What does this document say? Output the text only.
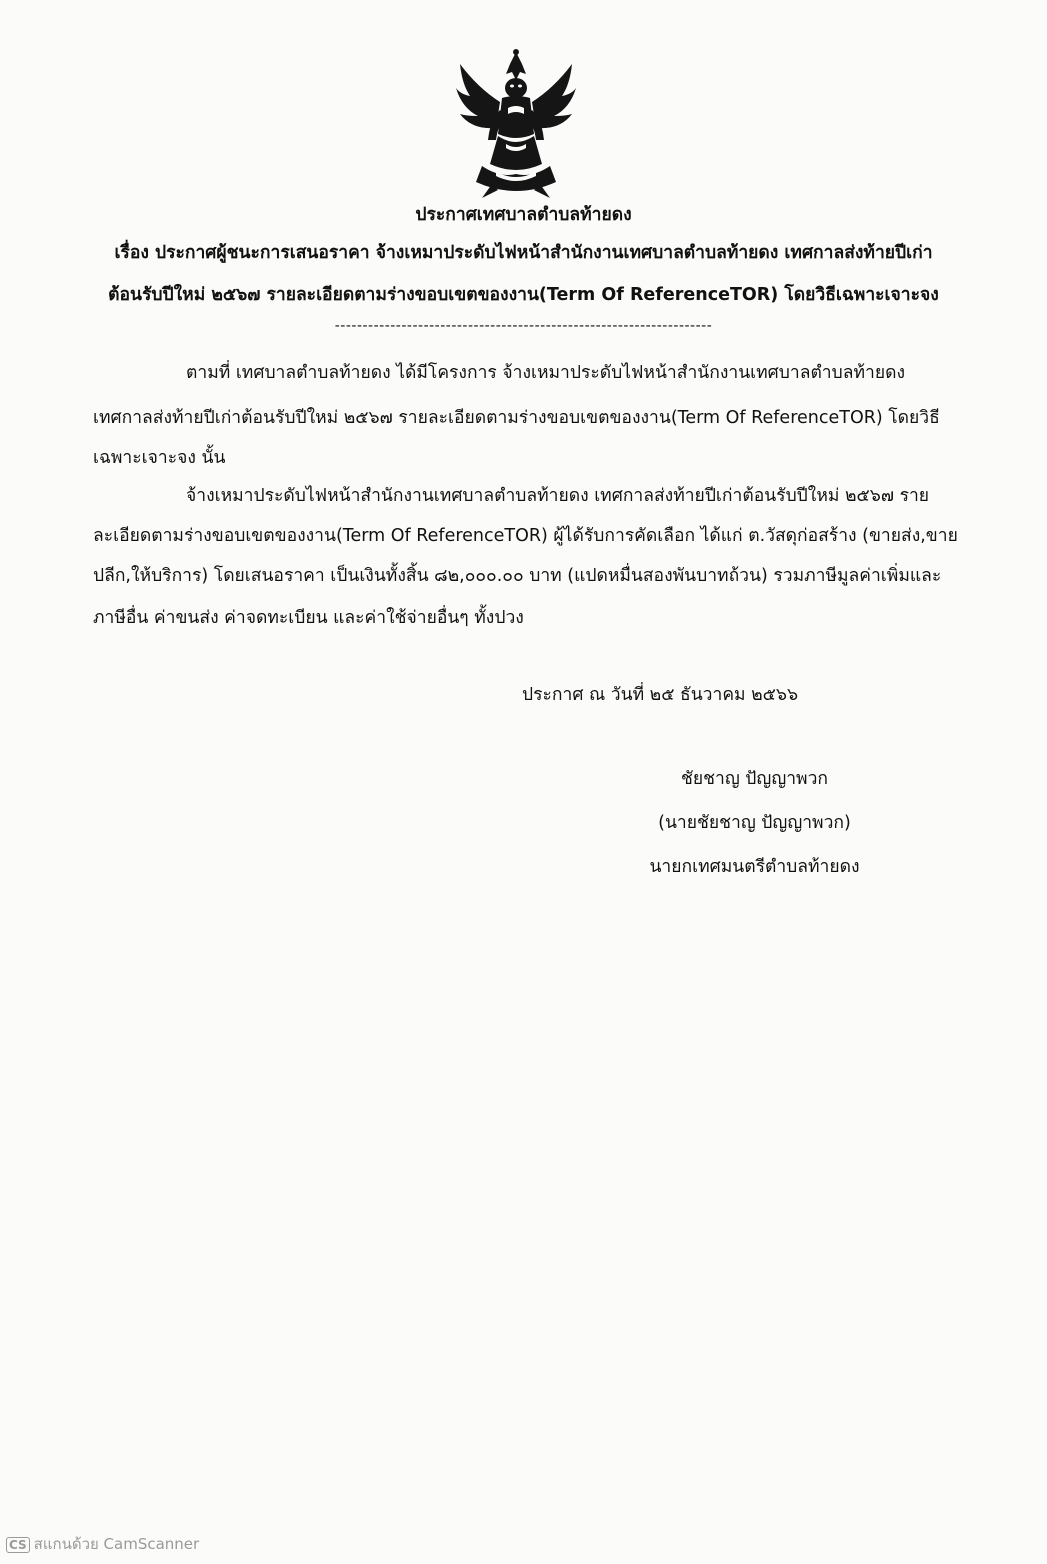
ประกาศเทศบาลตำบลท้ายดง
เรื่อง ประกาศผู้ชนะการเสนอราคา จ้างเหมาประดับไฟหน้าสำนักงานเทศบาลตำบลท้ายดง เทศกาลส่งท้ายปีเก่า
ต้อนรับปีใหม่ ๒๕๖๗ รายละเอียดตามร่างขอบเขตของงาน(Term Of ReferenceTOR) โดยวิธีเฉพาะเจาะจง
--------------------------------------------------------------------
ตามที่ เทศบาลตำบลท้ายดง ได้มีโครงการ จ้างเหมาประดับไฟหน้าสำนักงานเทศบาลตำบลท้ายดง
เทศกาลส่งท้ายปีเก่าต้อนรับปีใหม่ ๒๕๖๗ รายละเอียดตามร่างขอบเขตของงาน(Term Of ReferenceTOR) โดยวิธี
เฉพาะเจาะจง นั้น
จ้างเหมาประดับไฟหน้าสำนักงานเทศบาลตำบลท้ายดง เทศกาลส่งท้ายปีเก่าต้อนรับปีใหม่ ๒๕๖๗ ราย
ละเอียดตามร่างขอบเขตของงาน(Term Of ReferenceTOR) ผู้ได้รับการคัดเลือก ได้แก่ ต.วัสดุก่อสร้าง (ขายส่ง,ขาย
ปลีก,ให้บริการ) โดยเสนอราคา เป็นเงินทั้งสิ้น ๘๒,๐๐๐.๐๐ บาท (แปดหมื่นสองพันบาทถ้วน) รวมภาษีมูลค่าเพิ่มและ
ภาษีอื่น ค่าขนส่ง ค่าจดทะเบียน และค่าใช้จ่ายอื่นๆ ทั้งปวง
ประกาศ ณ วันที่ ๒๕ ธันวาคม ๒๕๖๖
ชัยชาญ ปัญญาพวก
(นายชัยชาญ ปัญญาพวก)
นายกเทศมนตรีตำบลท้ายดง
CS สแกนด้วย CamScanner
